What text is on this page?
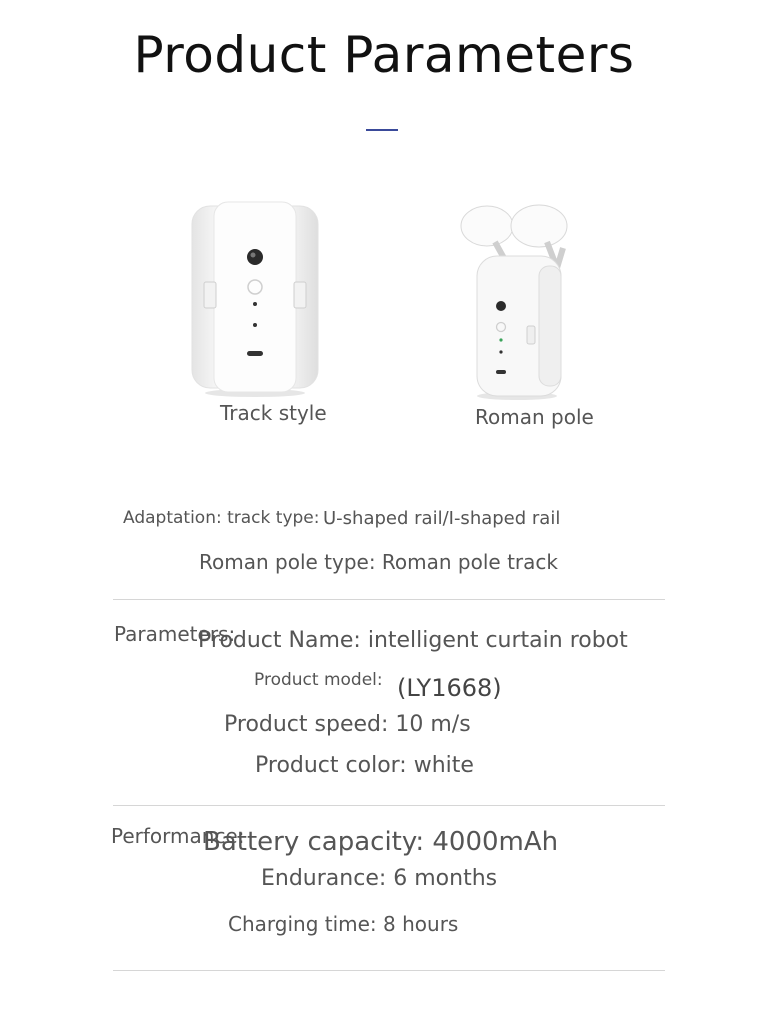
Product Parameters
Track style	Roman pole
Adaptation: track type: U-shaped rail/I-shaped rail
Roman pole type: Roman pole track
Parameters:
Product Name: intelligent curtain robot
Product model: (LY1668)
Product speed: 10 m/s
Product color: white
Performance:
Battery capacity: 4000mAh
Endurance: 6 months
Charging time: 8 hours
